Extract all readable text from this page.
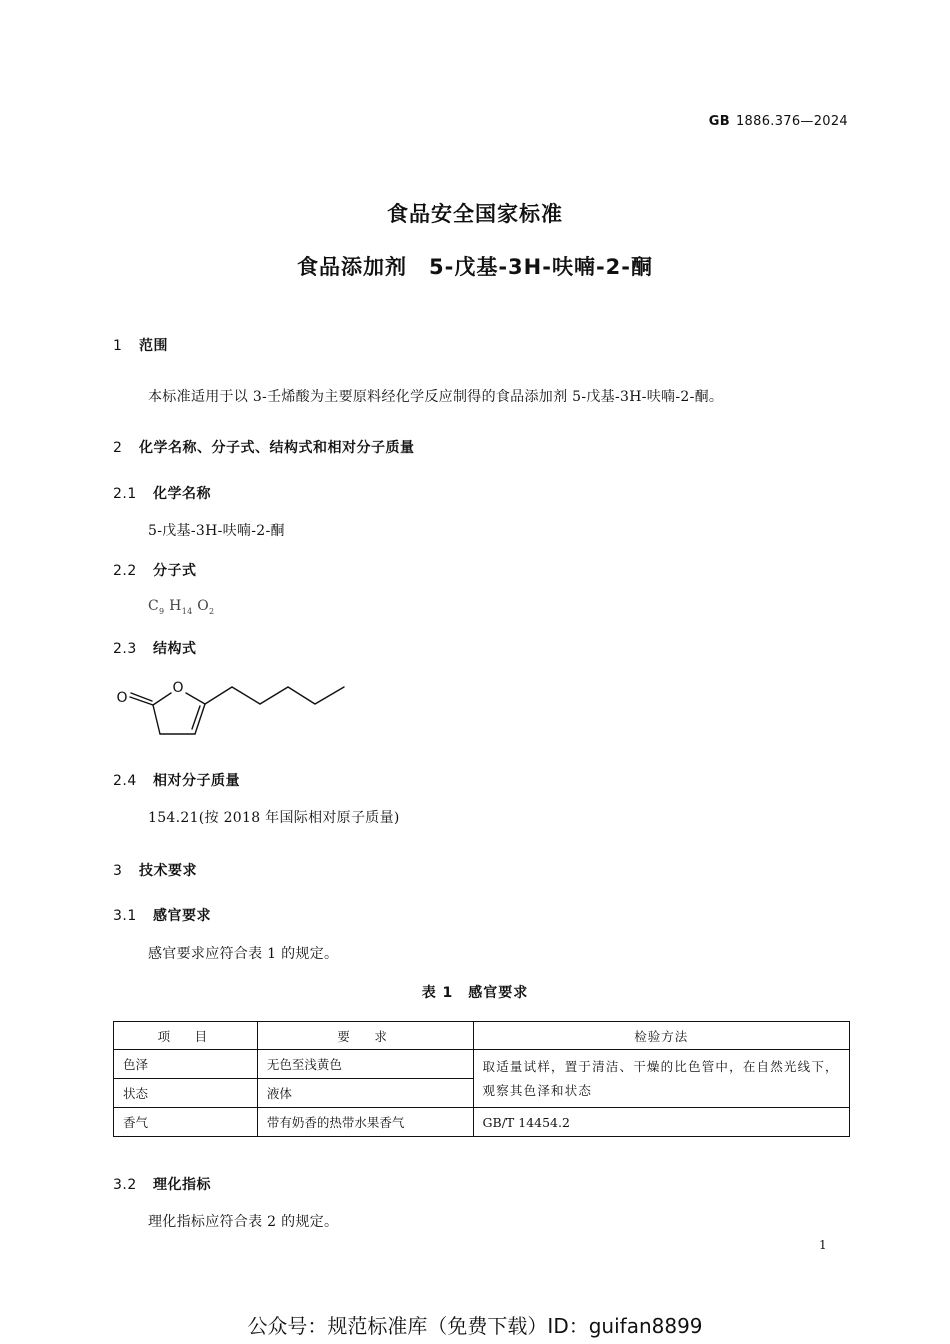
GB 1886.376—2024
食品安全国家标准
食品添加剂　5-戊基-3H-呋喃-2-酮
1 范围
本标准适用于以 3-壬烯酸为主要原料经化学反应制得的食品添加剂 5-戊基-3H-呋喃-2-酮。
2 化学名称、分子式、结构式和相对分子质量
2.1 化学名称
5-戊基-3H-呋喃-2-酮
2.2 分子式
$C_9$ $H_{14}$ $O_2$
2.3 结构式
O
O
2.4 相对分子质量
154.21(按 2018 年国际相对原子质量)
3 技术要求
3.1 感官要求
感官要求应符合表 1 的规定。
表 1　感官要求
项　目	要　求	检验方法
色泽	无色至浅黄色	取适量试样，置于清洁、干燥的比色管中，在自然光线下，观察其色泽和状态
状态	液体	
香气	带有奶香的热带水果香气	GB/T 14454.2
3.2 理化指标
理化指标应符合表 2 的规定。
1
公众号：规范标准库（免费下载）ID：guifan8899
